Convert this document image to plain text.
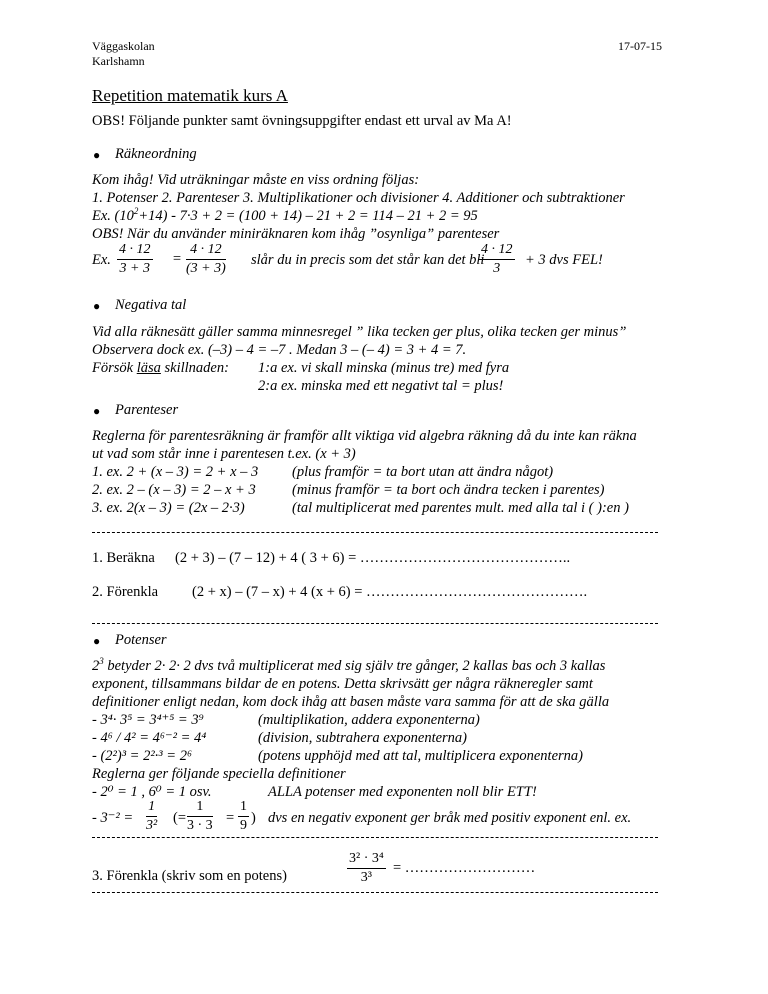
Väggaskolan
Karlshamn
17-07-15
Repetition matematik kurs A
OBS! Följande punkter samt övningsuppgifter endast ett urval av Ma A!
● Räkneordning
Kom ihåg! Vid uträkningar måste en viss ordning följas:
1. Potenser 2. Parenteser 3. Multiplikationer och divisioner 4. Additioner och subtraktioner
Ex. $(10^2+14) - 7\cdot 3 + 2 = (100 + 14) - 21 + 2 = 114 - 21 + 2 = 95$
OBS! När du använder miniräknaren kom ihåg ”osynliga” parenteser
Ex. $\frac{4 \cdot 12}{3 + 3} = \frac{4 \cdot 12}{(3 + 3)}$ slår du in precis som det står kan det bli
$\frac{4 \cdot 12}{3} + 3$ dvs FEL!
● Negativa tal
Vid alla räknesätt gäller samma minnesregel ” lika tecken ger plus, olika tecken ger minus”
Observera dock ex. (–3) – 4 = –7 . Medan 3 – (– 4) = 3 + 4 = 7.
Försök läsa skillnaden: 1:a ex. vi skall minska (minus tre) med fyra
2:a ex. minska med ett negativt tal = plus!
● Parenteser
Reglerna för parentesräkning är framför allt viktiga vid algebra räkning då du inte kan räkna
ut vad som står inne i parentesen t.ex. (x + 3)
1. ex. 2 + (x – 3) = 2 + x – 3 (plus framför = ta bort utan att ändra något)
2. ex. 2 – (x – 3) = 2 – x + 3	(minus framför = ta bort och ändra tecken i parentes)
3. ex. 2(x – 3) = (2x – 2·3)	(tal multiplicerat med parentes mult. med alla tal i ( ):en )
1. Beräkna (2 + 3) – (7 – 12) + 4 ( 3 + 6) = ……………………………………..
2. Förenkla (2 + x) – (7 – x) + 4 (x + 6) = ……………………………………….
● Potenser
$2^3$ betyder 2· 2· 2 dvs två multiplicerat med sig själv tre gånger, 2 kallas bas och 3 kallas
exponent, tillsammans bildar de en potens. Detta skrivsätt ger några räkneregler samt
definitioner enligt nedan, kom dock ihåg att basen måste vara samma för att de ska gälla
- 3⁴· 3⁵ = 3⁴⁺⁵ = 3⁹	(multiplikation, addera exponenterna)
- 4⁶ / 4² = 4⁶⁻² = 4⁴	(division, subtrahera exponenterna)
- (2²)³ = 2²·³ = 2⁶	(potens upphöjd med att tal, multiplicera exponenterna)
Reglerna ger följande speciella definitioner
- 2⁰ = 1 , 6⁰ = 1 osv.	ALLA potenser med exponenten noll blir ETT!
- $3^{-2} = \frac{1}{\text{3²}}$ (=
1
3 · 3 =
1
9 ) dvs en negativ exponent ger bråk med positiv exponent enl. ex.
3. Förenkla (skriv som en potens)
3² · 3⁴
3³
= ………………………
